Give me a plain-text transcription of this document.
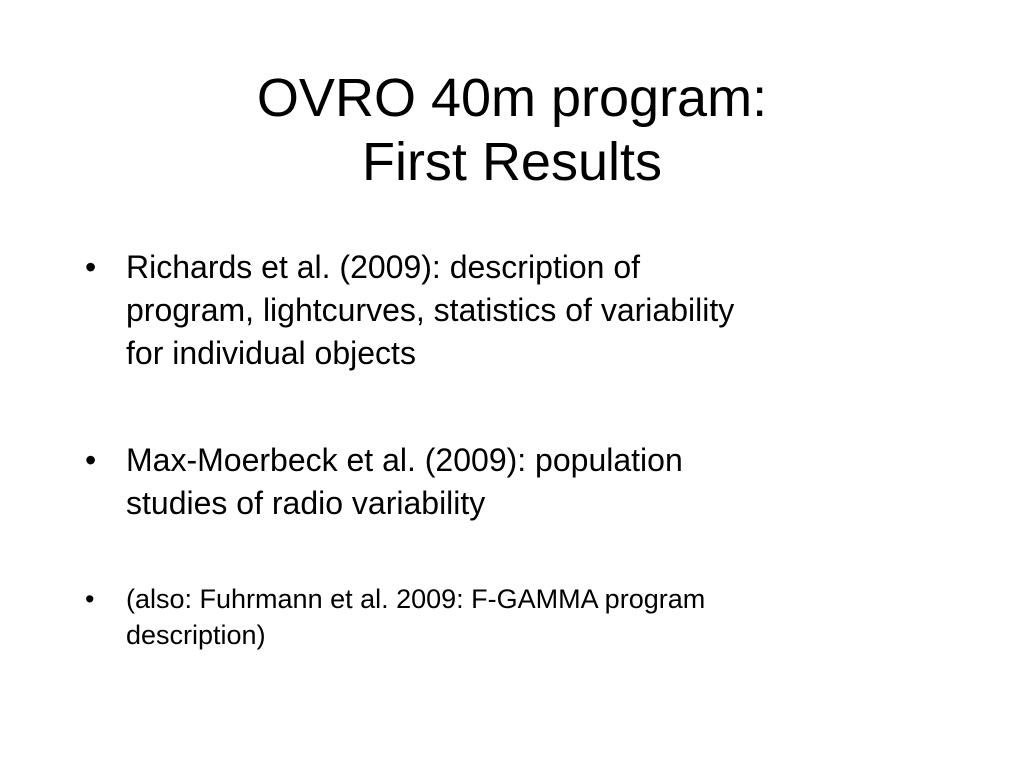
OVRO 40m program:
First Results
• Richards et al. (2009): description of
program, lightcurves, statistics of variability
for individual objects
• Max-Moerbeck et al. (2009): population
studies of radio variability
• (also: Fuhrmann et al. 2009: F-GAMMA program
description)
